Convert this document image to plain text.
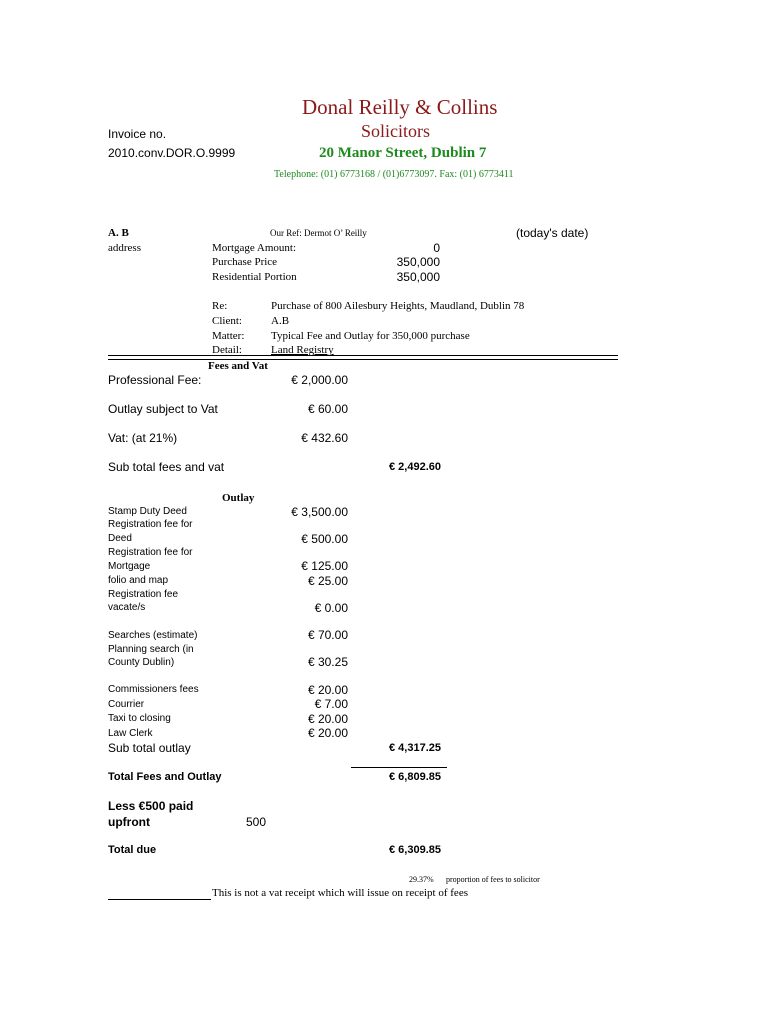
Donal Reilly & Collins
Solicitors
20 Manor Street, Dublin 7
Telephone: (01) 6773168 / (01)6773097. Fax: (01) 6773411
Invoice no.
2010.conv.DOR.O.9999
A. B
address
Our Ref: Dermot O’ Reilly	(today's date)
Mortgage Amount:	0
Purchase Price	350,000
Residential Portion	350,000
Re:	Purchase of 800 Ailesbury Heights, Maudland, Dublin 78
Client:	A.B
Matter: Typical Fee and Outlay for 350,000 purchase
Detail:	Land Registry
Fees and Vat
Professional Fee:	€ 2,000.00
Outlay subject to Vat	€ 60.00
Vat: (at 21%)	€ 432.60
Sub total fees and vat	€ 2,492.60
Outlay
Stamp Duty Deed	€ 3,500.00
Registration fee for
Deed	€ 500.00
Registration fee for
Mortgage	€ 125.00
folio and map	€ 25.00
Registration fee
vacate/s	€ 0.00
Searches (estimate)	€ 70.00
Planning search (in
County Dublin)	€ 30.25
Commissioners fees	€ 20.00
Courrier	€ 7.00
Taxi to closing	€ 20.00
Law Clerk	€ 20.00
Sub total outlay	€ 4,317.25
Total Fees and Outlay	€ 6,809.85
Less €500 paid
upfront	500
Total due	€ 6,309.85
29.37% proportion of fees to solicitor
This is not a vat receipt which will issue on receipt of fees
